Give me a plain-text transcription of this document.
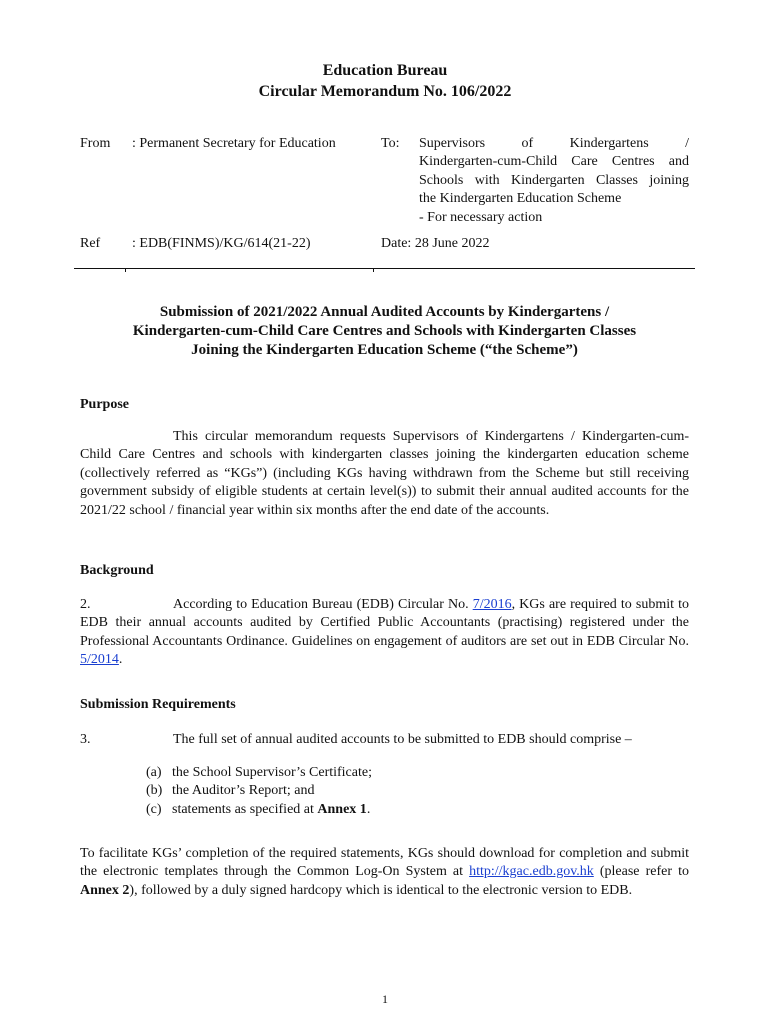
Education Bureau
Circular Memorandum No. 106/2022
From : Permanent Secretary for Education	To: Supervisors of Kindergartens /
Kindergarten-cum-Child Care Centres and
Schools with Kindergarten Classes joining
the Kindergarten Education Scheme
- For necessary action
Ref : EDB(FINMS)/KG/614(21-22)	Date: 28 June 2022
Submission of 2021/2022 Annual Audited Accounts by Kindergartens /
Kindergarten-cum-Child Care Centres and Schools with Kindergarten Classes
Joining the Kindergarten Education Scheme (“the Scheme”)
Purpose
This circular memorandum requests Supervisors of Kindergartens / Kindergarten-cum-Child Care Centres and schools with kindergarten classes joining the kindergarten education scheme (collectively referred as “KGs”) (including KGs having withdrawn from the Scheme but still receiving government subsidy of eligible students at certain level(s)) to submit their annual audited accounts for the 2021/22 school / financial year within six months after the end date of the accounts.
Background
2.	According to Education Bureau (EDB) Circular No. 7/2016, KGs are required to submit to EDB their annual accounts audited by Certified Public Accountants (practising) registered under the Professional Accountants Ordinance. Guidelines on engagement of auditors are set out in EDB Circular No. 5/2014.
Submission Requirements
3.	The full set of annual audited accounts to be submitted to EDB should comprise –
(a) the School Supervisor’s Certificate;
(b) the Auditor’s Report; and
(c) statements as specified at Annex 1.
To facilitate KGs’ completion of the required statements, KGs should download for completion and submit the electronic templates through the Common Log-On System at http://kgac.edb.gov.hk (please refer to Annex 2), followed by a duly signed hardcopy which is identical to the electronic version to EDB.
1
